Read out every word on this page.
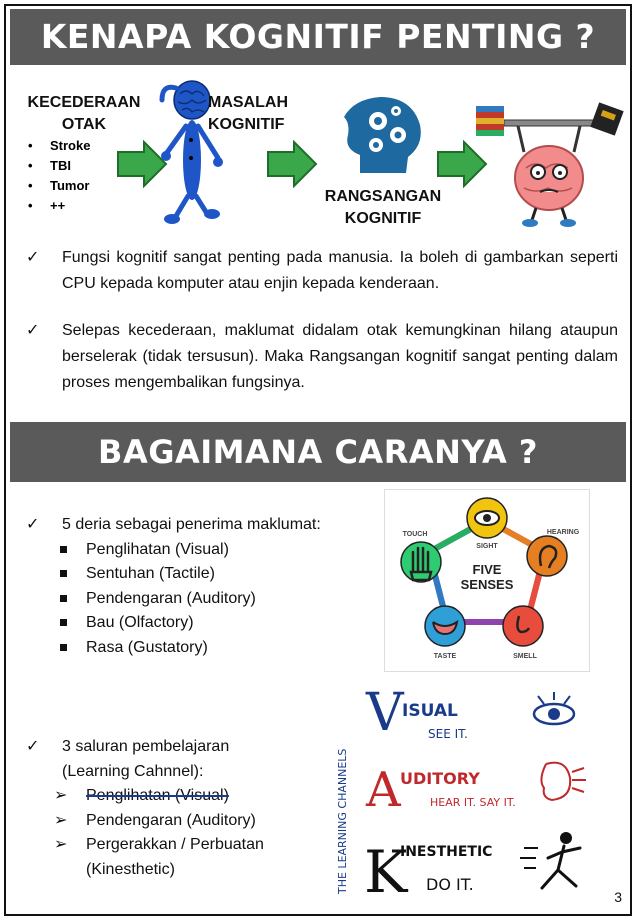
KENAPA KOGNITIF PENTING ?
KECEDERAAN
OTAK
• Stroke
• TBI
• Tumor
• ++
MASALAH
KOGNITIF
RANGSANGAN
KOGNITIF
✓ Fungsi kognitif sangat penting pada manusia. Ia boleh di gambarkan seperti CPU kepada komputer atau enjin kepada kenderaan.
✓ Selepas kecederaan, maklumat didalam otak kemungkinan hilang ataupun berselerak (tidak tersusun). Maka Rangsangan kognitif sangat penting dalam proses mengembalikan fungsinya.
BAGAIMANA CARANYA ?
✓ 5 deria sebagai penerima maklumat:
Penglihatan (Visual)
Sentuhan (Tactile)
Pendengaran (Auditory)
Bau (Olfactory)
Rasa (Gustatory)
FIVE
SENSES
SIGHT
TOUCH	HEARING
TASTE	SMELL
✓ 3 saluran pembelajaran
(Learning Cahnnel):
➢ Penglihatan (Visual)
➢ Pendengaran (Auditory)
➢ Pergerakkan / Perbuatan
(Kinesthetic)	THE LEARNING CHANNELS
V
ISUAL
SEE IT.
A UDITORY
HEAR IT. SAY IT.
K
INESTHETIC
DO IT.
3
